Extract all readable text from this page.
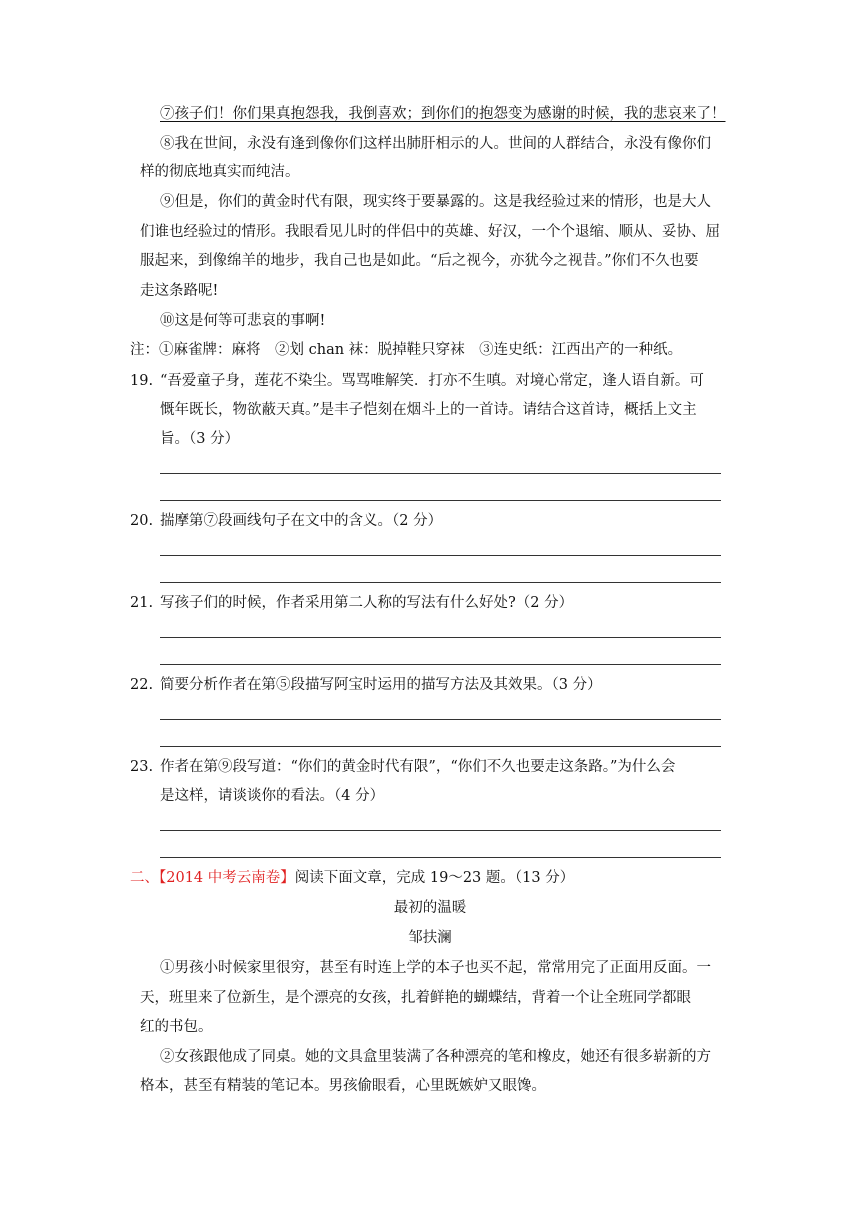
⑦孩子们！你们果真抱怨我，我倒喜欢；到你们的抱怨变为感谢的时候，我的悲哀来了！
⑧我在世间，永没有逢到像你们这样出肺肝相示的人。世间的人群结合，永没有像你们
样的彻底地真实而纯洁。
⑨但是，你们的黄金时代有限，现实终于要暴露的。这是我经验过来的情形，也是大人
们谁也经验过的情形。我眼看见儿时的伴侣中的英雄、好汉，一个个退缩、顺从、妥协、屈
服起来，到像绵羊的地步，我自己也是如此。“后之视今，亦犹今之视昔。”你们不久也要
走这条路呢!
⑩这是何等可悲哀的事啊!
注：①麻雀牌：麻将　②划 chan 袜：脱掉鞋只穿袜　③连史纸：江西出产的一种纸。
19. “吾爱童子身，莲花不染尘。骂骂唯解笑．打亦不生嗔。对境心常定，逢人语自新。可
慨年既长，物欲蔽天真。”是丰子恺刻在烟斗上的一首诗。请结合这首诗，概括上文主
旨。（3 分）
20. 揣摩第⑦段画线句子在文中的含义。（2 分）
21. 写孩子们的时候，作者采用第二人称的写法有什么好处?（2 分）
22. 简要分析作者在第⑤段描写阿宝时运用的描写方法及其效果。（3 分）
23. 作者在第⑨段写道：“你们的黄金时代有限”，“你们不久也要走这条路。”为什么会
是这样，请谈谈你的看法。（4 分）
二、【2014 中考云南卷】阅读下面文章，完成 19～23 题。（13 分）
最初的温暖
邹扶澜
①男孩小时候家里很穷，甚至有时连上学的本子也买不起，常常用完了正面用反面。一
天，班里来了位新生，是个漂亮的女孩，扎着鲜艳的蝴蝶结，背着一个让全班同学都眼
红的书包。
②女孩跟他成了同桌。她的文具盒里装满了各种漂亮的笔和橡皮，她还有很多崭新的方
格本，甚至有精装的笔记本。男孩偷眼看，心里既嫉妒又眼馋。
